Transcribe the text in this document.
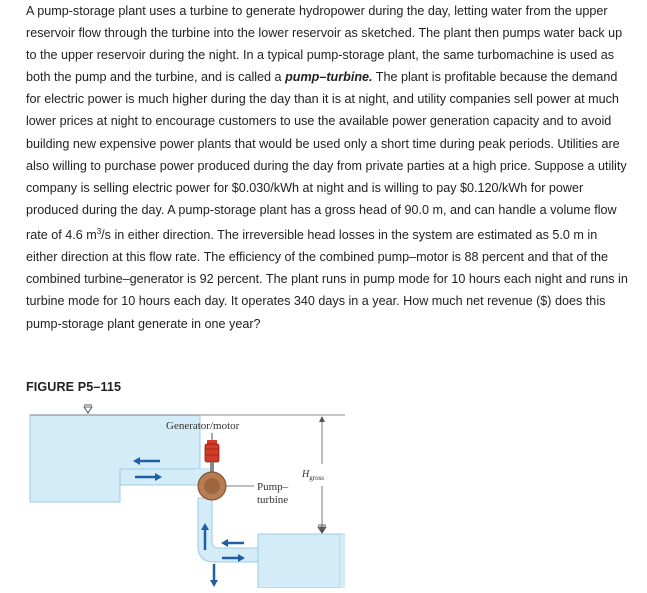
A pump-storage plant uses a turbine to generate hydropower during the day, letting water from the upper reservoir flow through the turbine into the lower reservoir as sketched. The plant then pumps water back up to the upper reservoir during the night. In a typical pump-storage plant, the same turbomachine is used as both the pump and the turbine, and is called a pump–turbine. The plant is profitable because the demand for electric power is much higher during the day than it is at night, and utility companies sell power at much lower prices at night to encourage customers to use the available power generation capacity and to avoid building new expensive power plants that would be used only a short time during peak periods. Utilities are also willing to purchase power produced during the day from private parties at a high price. Suppose a utility company is selling electric power for $0.030/kWh at night and is willing to pay $0.120/kWh for power produced during the day. A pump-storage plant has a gross head of 90.0 m, and can handle a volume flow rate of 4.6 $m^3/s$ in either direction. The irreversible head losses in the system are estimated as 5.0 m in either direction at this flow rate. The efficiency of the combined pump–motor is 88 percent and that of the combined turbine–generator is 92 percent. The plant runs in pump mode for 10 hours each night and runs in turbine mode for 10 hours each day. It operates 340 days in a year. How much net revenue ($) does this pump-storage plant generate in one year?

FIGURE P5–115
$H_{gross}$
Generator/motor
Pump–
turbine
